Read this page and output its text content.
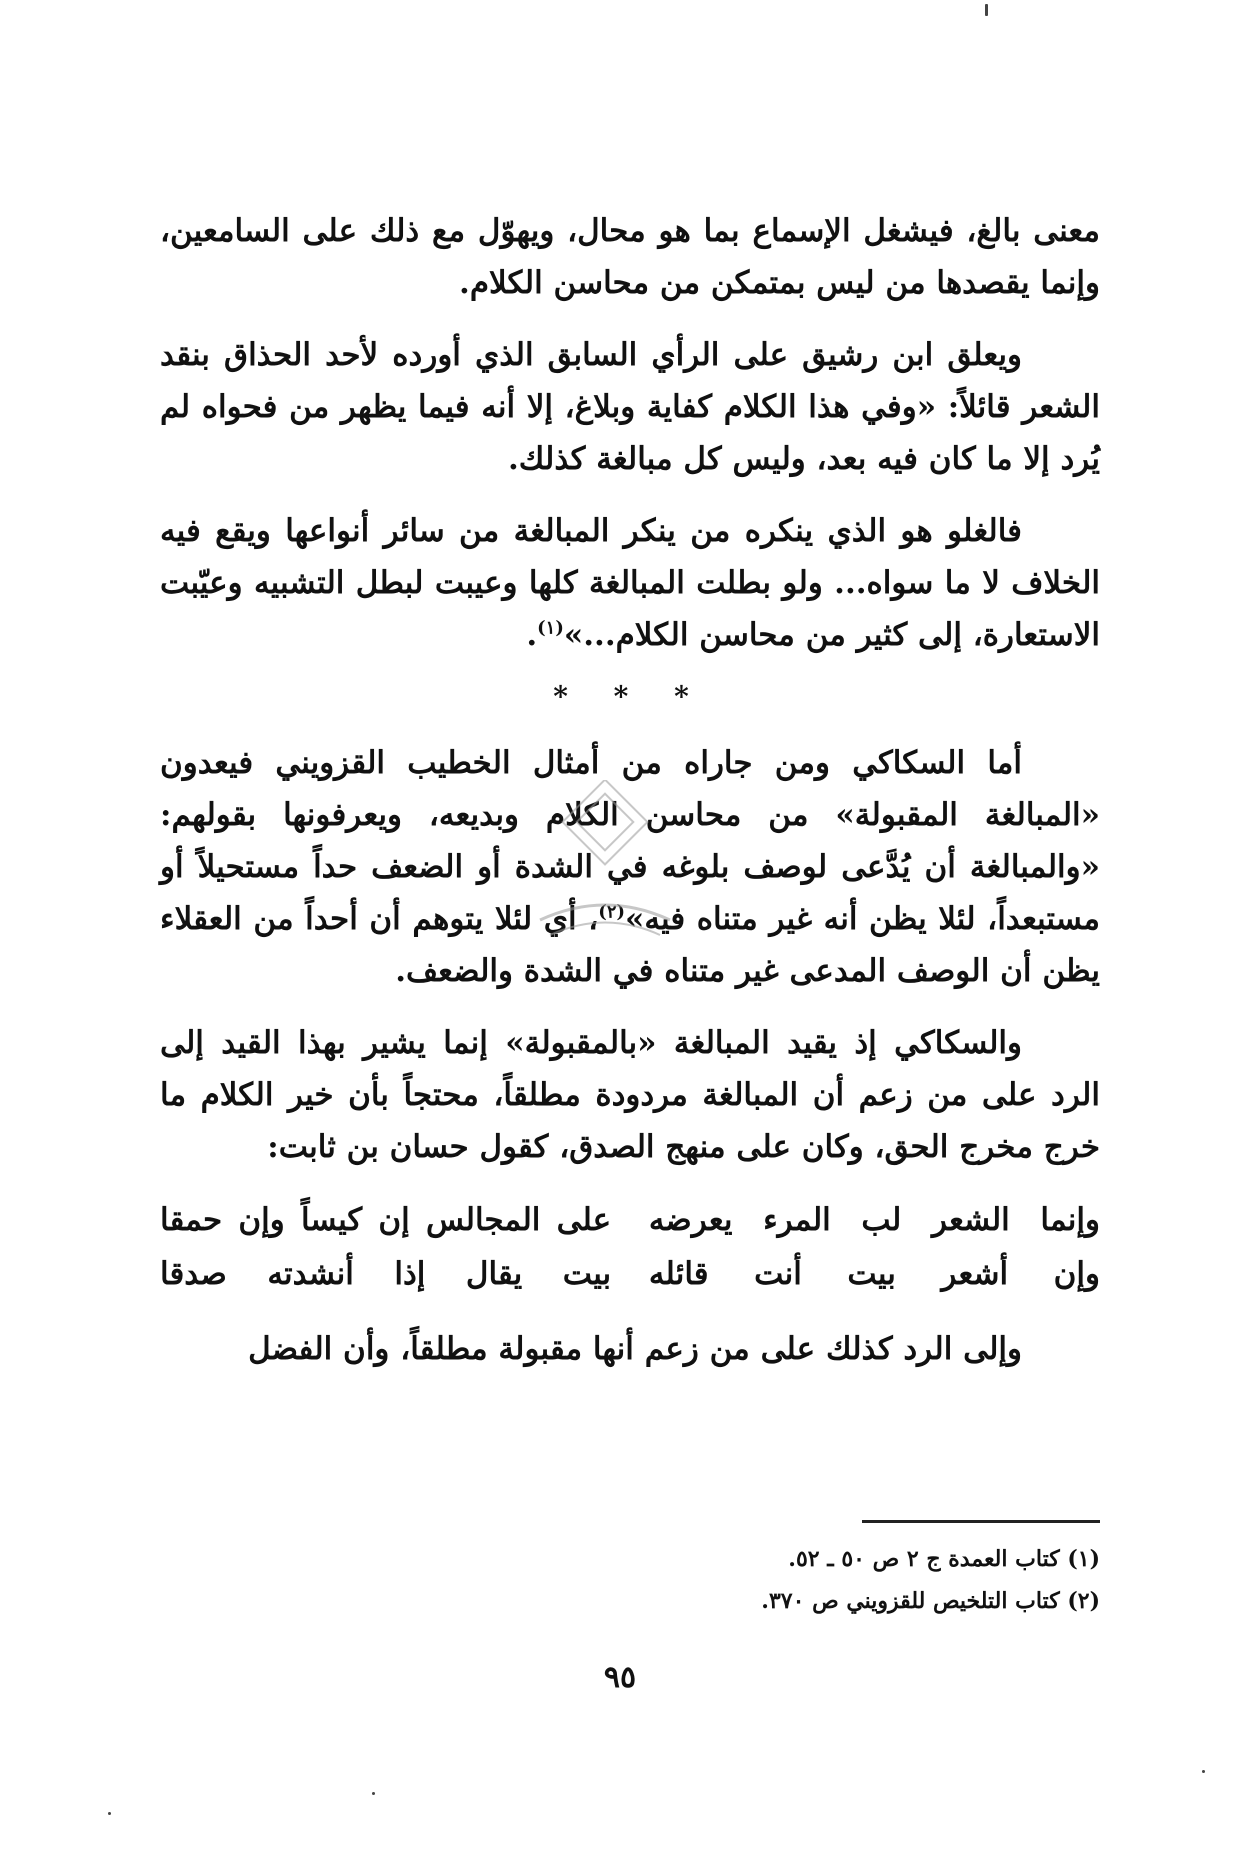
معنى بالغ، فيشغل الإسماع بما هو محال، ويهوّل مع ذلك على السامعين، وإنما يقصدها من ليس بمتمكن من محاسن الكلام.

ويعلق ابن رشيق على الرأي السابق الذي أورده لأحد الحذاق بنقد الشعر قائلاً: «وفي هذا الكلام كفاية وبلاغ، إلا أنه فيما يظهر من فحواه لم يُرد إلا ما كان فيه بعد، وليس كل مبالغة كذلك.

فالغلو هو الذي ينكره من ينكر المبالغة من سائر أنواعها ويقع فيه الخلاف لا ما سواه... ولو بطلت المبالغة كلها وعيبت لبطل التشبيه وعيّبت الاستعارة، إلى كثير من محاسن الكلام...»$^{(١)}$.

* * *

أما السكاكي ومن جاراه من أمثال الخطيب القزويني فيعدون «المبالغة المقبولة» من محاسن الكلام وبديعه، ويعرفونها بقولهم: «والمبالغة أن يُدَّعى لوصف بلوغه في الشدة أو الضعف حداً مستحيلاً أو مستبعداً، لئلا يظن أنه غير متناه فيه»$^{(٢)}$، أي لئلا يتوهم أن أحداً من العقلاء يظن أن الوصف المدعى غير متناه في الشدة والضعف.

والسكاكي إذ يقيد المبالغة «بالمقبولة» إنما يشير بهذا القيد إلى الرد على من زعم أن المبالغة مردودة مطلقاً، محتجاً بأن خير الكلام ما خرج مخرج الحق، وكان على منهج الصدق، كقول حسان بن ثابت:

وإنما الشعر لب المرء يعرضه
على المجالس إن كيساً وإن حمقا
وإن أشعر بيت أنت قائله
بيت يقال إذا أنشدته صدقا

وإلى الرد كذلك على من زعم أنها مقبولة مطلقاً، وأن الفضل

(١) كتاب العمدة ج ٢ ص ٥٠ ـ ٥٢.

(٢) كتاب التلخيص للقزويني ص ٣٧٠.

٩٥
